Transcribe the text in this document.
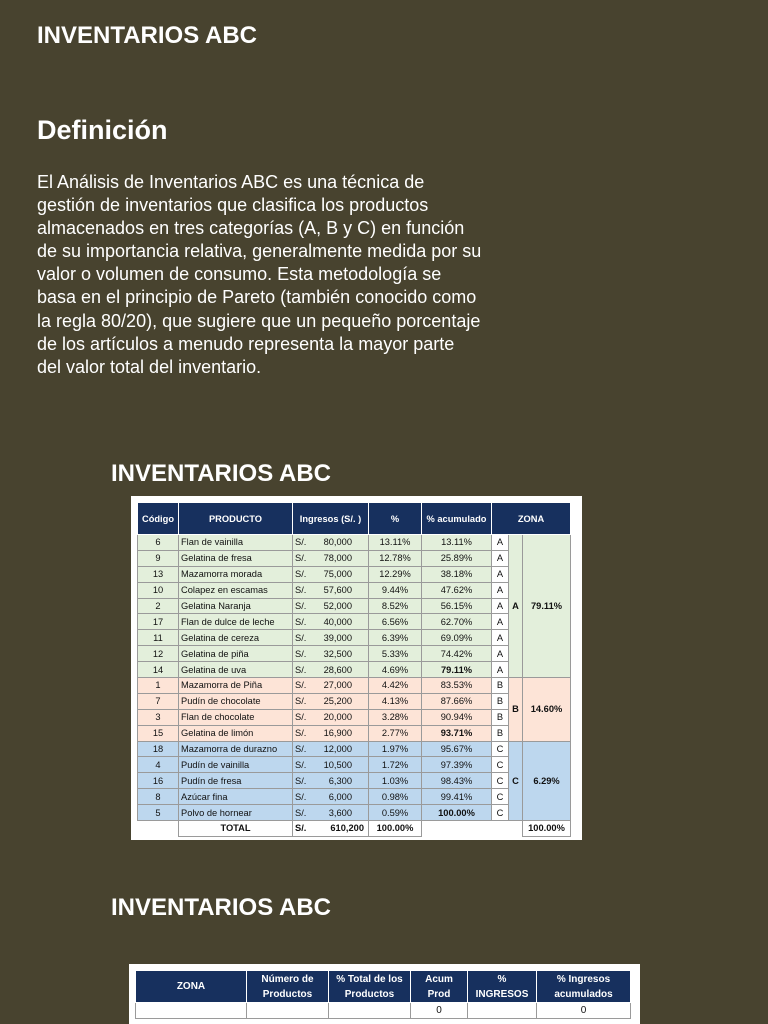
INVENTARIOS ABC
Definición

El Análisis de Inventarios ABC es una técnica de gestión de inventarios que clasifica los productos almacenados en tres categorías (A, B y C) en función de su importancia relativa, generalmente medida por su valor o volumen de consumo. Esta metodología se basa en el principio de Pareto (también conocido como la regla 80/20), que sugiere que un pequeño porcentaje de los artículos a menudo representa la mayor parte del valor total del inventario.

INVENTARIOS ABC
Código	PRODUCTO	Ingresos (S/. )	%	% acumulado	ZONA		
6	Flan de vainilla	S/. 80,000	13.11%	13.11%	A	A	79.11%
9	Gelatina de fresa	S/. 78,000	12.78%	25.89%	A		
13	Mazamorra morada	S/. 75,000	12.29%	38.18%	A		
10	Colapez en escamas	S/. 57,600	9.44%	47.62%	A		
2	Gelatina Naranja	S/. 52,000	8.52%	56.15%	A		
17	Flan de dulce de leche	S/. 40,000	6.56%	62.70%	A		
11	Gelatina de cereza	S/. 39,000	6.39%	69.09%	A		
12	Gelatina de piña	S/. 32,500	5.33%	74.42%	A		
14	Gelatina de uva	S/. 28,600	4.69%	79.11%	A		
1	Mazamorra de Piña	S/. 27,000	4.42%	83.53%	B	B	14.60%
7	Pudín de chocolate	S/. 25,200	4.13%	87.66%	B		
3	Flan de chocolate	S/. 20,000	3.28%	90.94%	B		
15	Gelatina de limón	S/. 16,900	2.77%	93.71%	B		
18	Mazamorra de durazno	S/. 12,000	1.97%	95.67%	C	C	6.29%
4	Pudín de vainilla	S/. 10,500	1.72%	97.39%	C		
16	Pudín de fresa	S/. 6,300	1.03%	98.43%	C		
8	Azúcar fina	S/. 6,000	0.98%	99.41%	C		
5	Polvo de hornear	S/. 3,600	0.59%	100.00%	C		
	TOTAL	S/. 610,200	100.00%				100.00%
INVENTARIOS ABC
ZONA	Número de Productos	% Total de los Productos	Acum Prod	% INGRESOS	% Ingresos acumulados
			0		0
